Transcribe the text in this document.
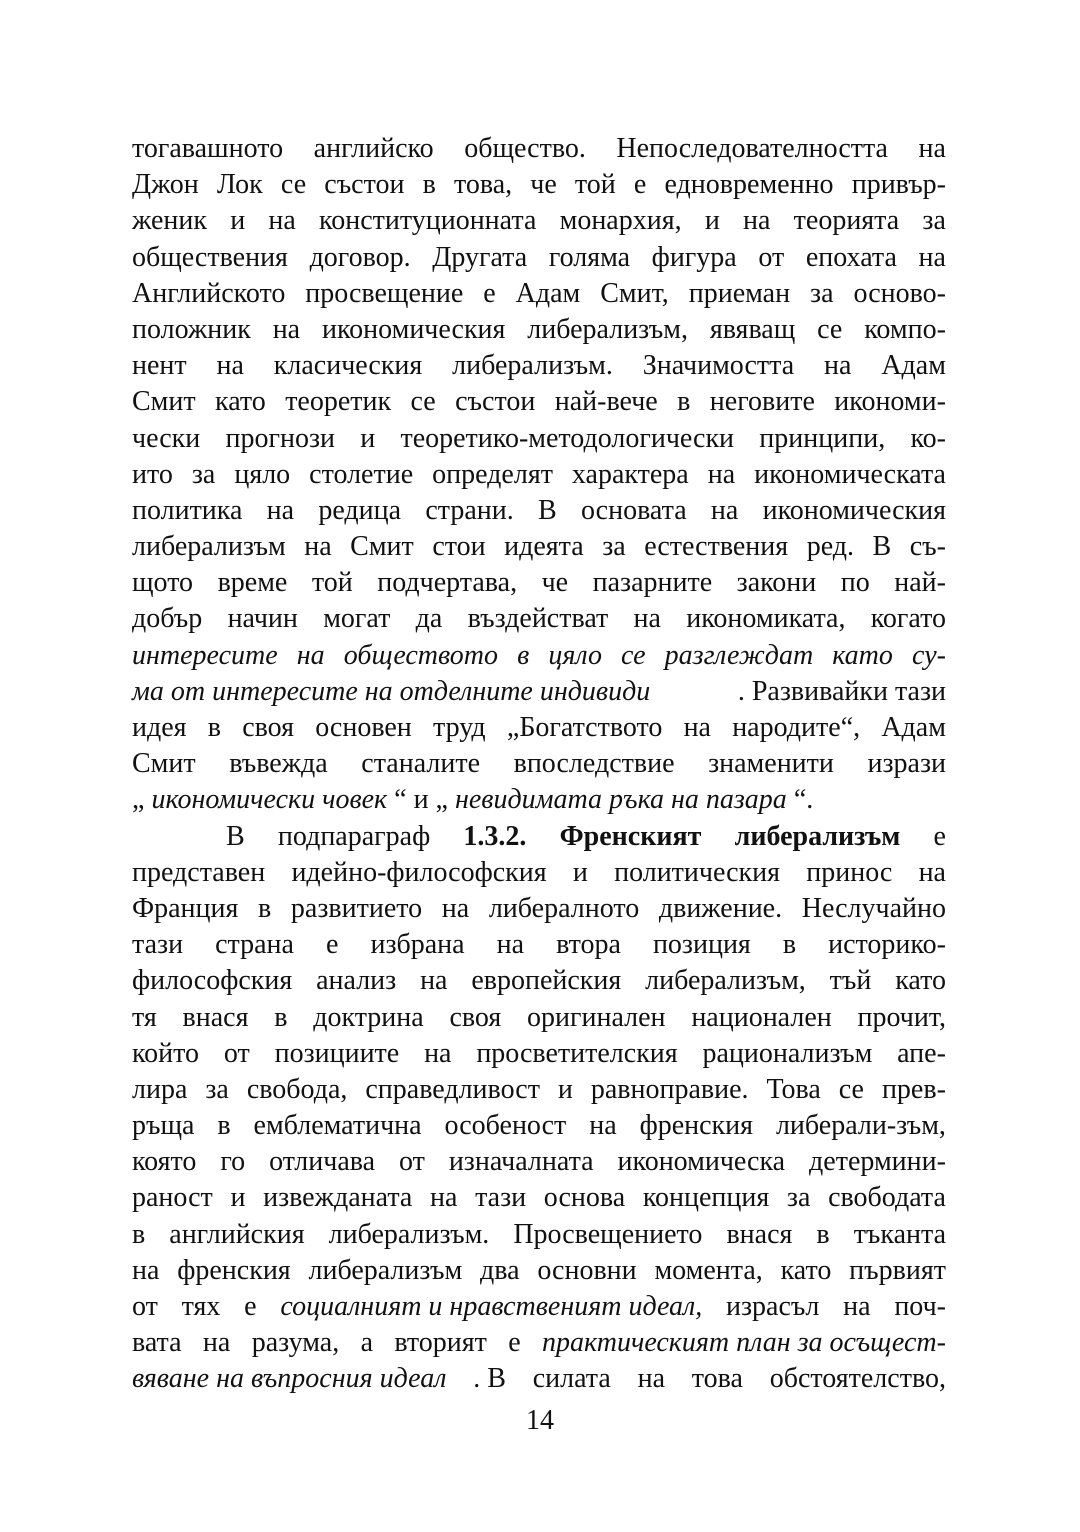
тогавашното английско общество. Непоследователността на
Джон Лок се състои в това, че той е едновременно привър-
женик и на конституционната монархия, и на теорията за
обществения договор. Другата голяма фигура от епохата на
Английското просвещение е Адам Смит, приеман за осново-
положник на икономическия либерализъм, явяващ се компо-
нент на класическия либерализъм. Значимостта на Адам
Смит като теоретик се състои най-вече в неговите икономи-
чески прогнози и теоретико-методологически принципи, ко-
ито за цяло столетие определят характера на икономическата
политика на редица страни. В основата на икономическия
либерализъм на Смит стои идеята за естествения ред. В съ-
щото време той подчертава, че пазарните закони по най-
добър начин могат да въздействат на икономиката, когато
интересите на обществото в цяло се разглеждат като су-
ма от интересите на отделните индивиди	. Развивайки тази
идея в своя основен труд „Богатството на народите“, Адам
Смит въвежда станалите впоследствие знаменити изрази
„ икономически човек “ и „ невидимата ръка на пазара “.
В подпараграф 1.3.2. Френският либерализъм е
представен идейно-философския и политическия принос на
Франция в развитието на либералното движение. Неслучайно
тази страна е избрана на втора позиция в историко-
философския анализ на европейския либерализъм, тъй като
тя внася в доктрина своя оригинален национален прочит,
който от позициите на просветителския рационализъм апе-
лира за свобода, справедливост и равноправие. Това се прев-
ръща в емблематична особеност на френския либерали-зъм,
която го отличава от изначалната икономическа детермини-
раност и извежданата на тази основа концепция за свободата
в английския либерализъм. Просвещението внася в тъканта
на френския либерализъм два основни момента, като първият
от тях е социалният и нравственият идеал, израсъл на поч-
вата на разума, а вторият е практическият план за осъщест-
вяване на въпросния идеал . В силата на това обстоятелство,
14
